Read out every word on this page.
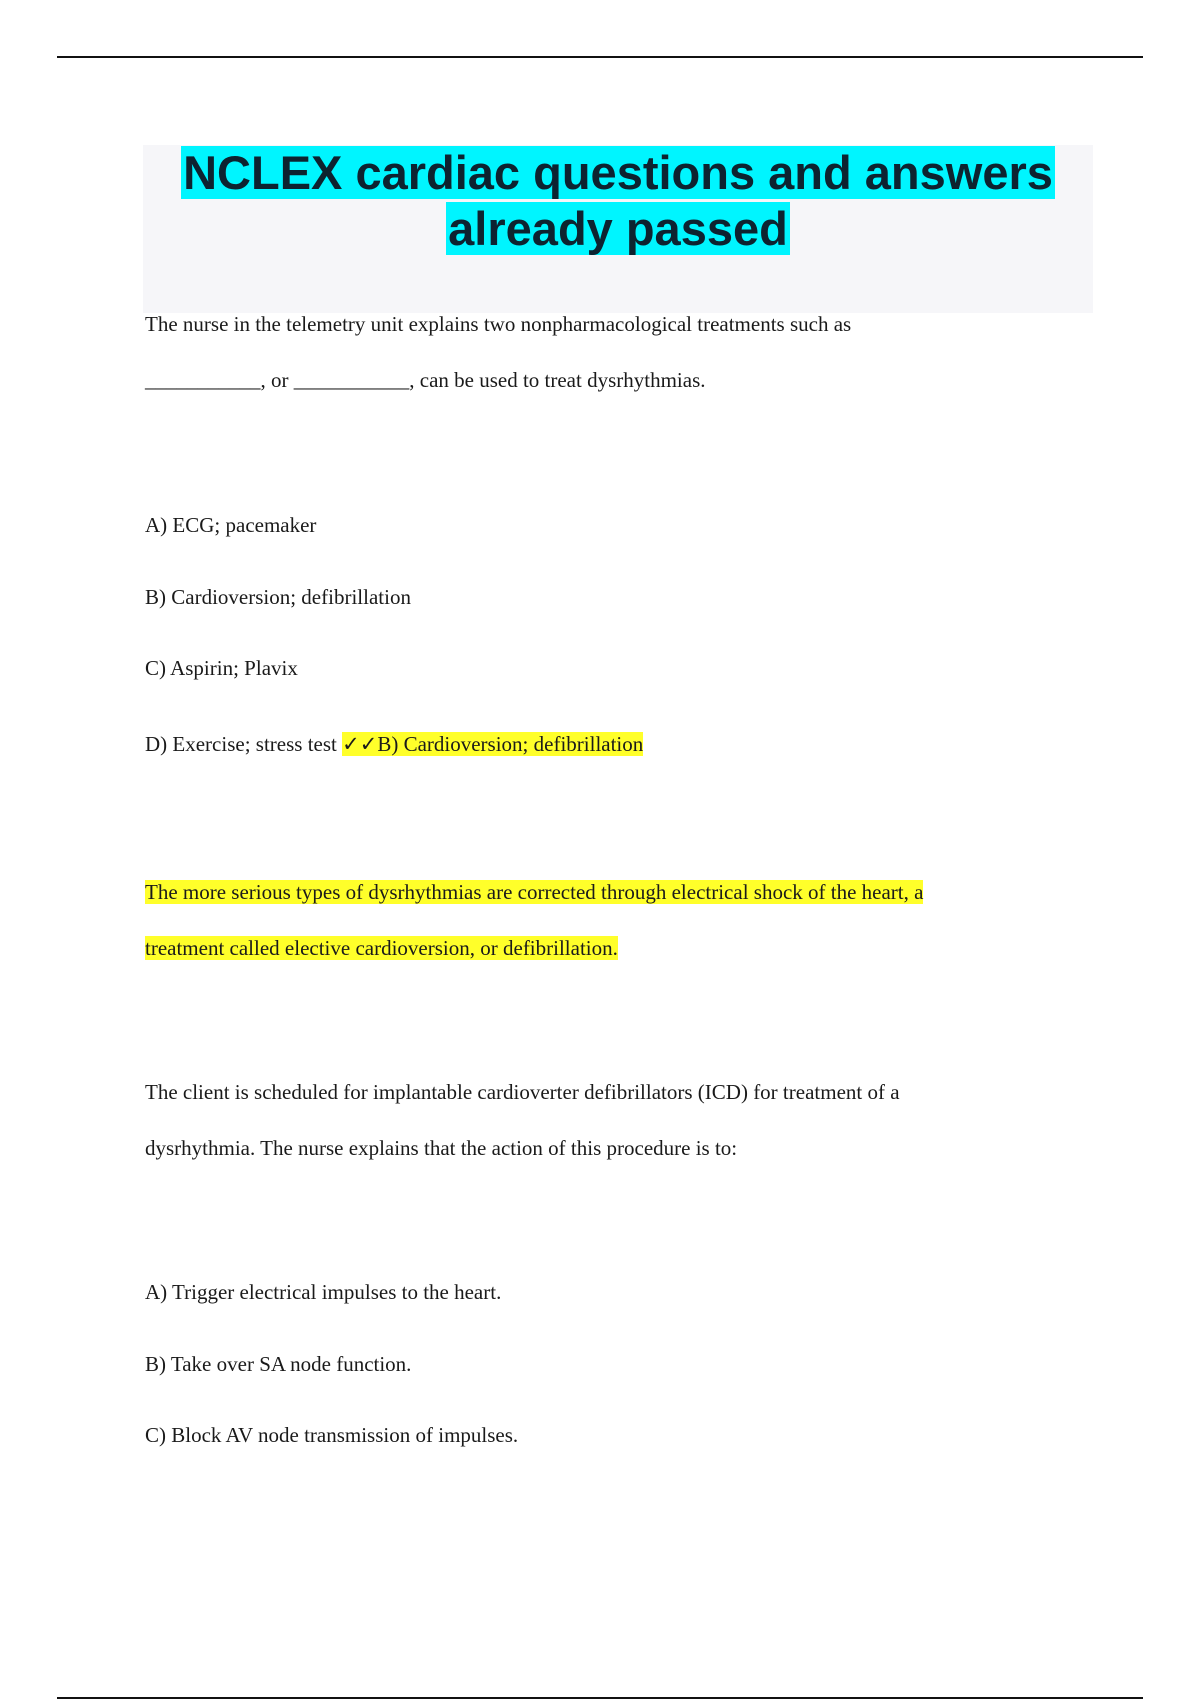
NCLEX cardiac questions and answers
already passed
The nurse in the telemetry unit explains two nonpharmacological treatments such as
___________, or ___________, can be used to treat dysrhythmias.
A) ECG; pacemaker
B) Cardioversion; defibrillation
C) Aspirin; Plavix
D) Exercise; stress test ✓✓B) Cardioversion; defibrillation
The more serious types of dysrhythmias are corrected through electrical shock of the heart, a
treatment called elective cardioversion, or defibrillation.
The client is scheduled for implantable cardioverter defibrillators (ICD) for treatment of a
dysrhythmia. The nurse explains that the action of this procedure is to:
A) Trigger electrical impulses to the heart.
B) Take over SA node function.
C) Block AV node transmission of impulses.
